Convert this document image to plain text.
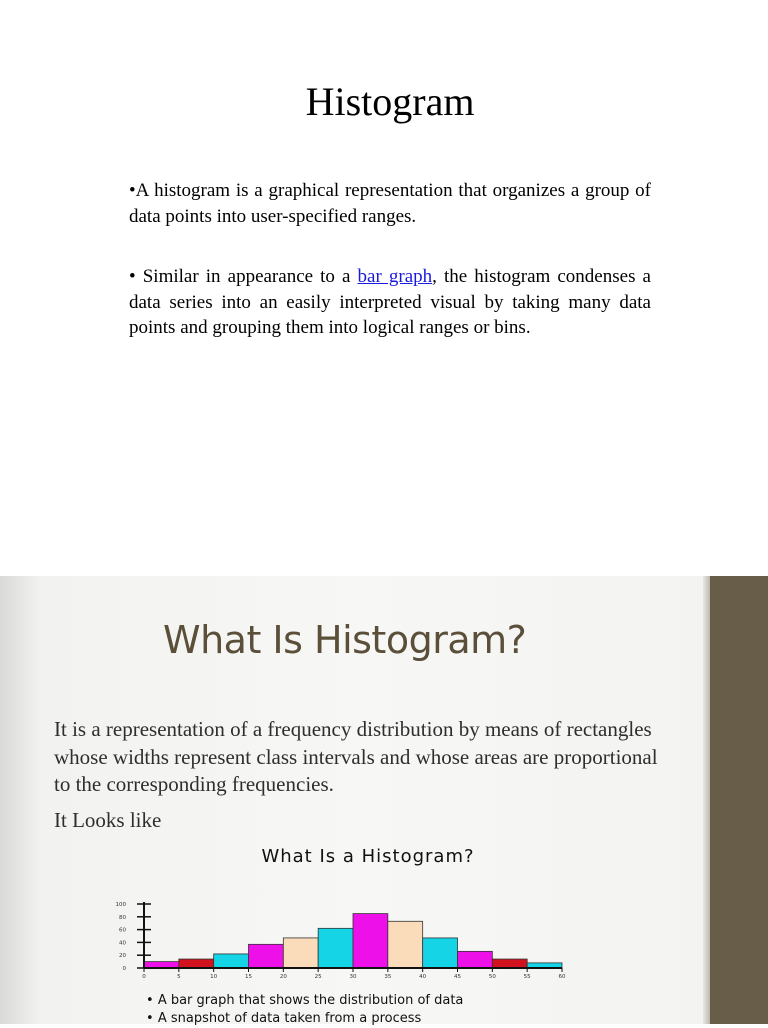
Histogram
•A histogram is a graphical representation that organizes a group of data points into user-specified ranges.
• Similar in appearance to a bar graph, the histogram condenses a data series into an easily interpreted visual by taking many data points and grouping them into logical ranges or bins.
What Is Histogram?
It is a representation of a frequency distribution by means of rectangles whose widths represent class intervals and whose areas are proportional to the corresponding frequencies.
It Looks like
What Is a Histogram?
0
20
40
60
80
100
0	5	10	15	20	25	30	35	40	45	50	55	60
• A bar graph that shows the distribution of data
• A snapshot of data taken from a process
